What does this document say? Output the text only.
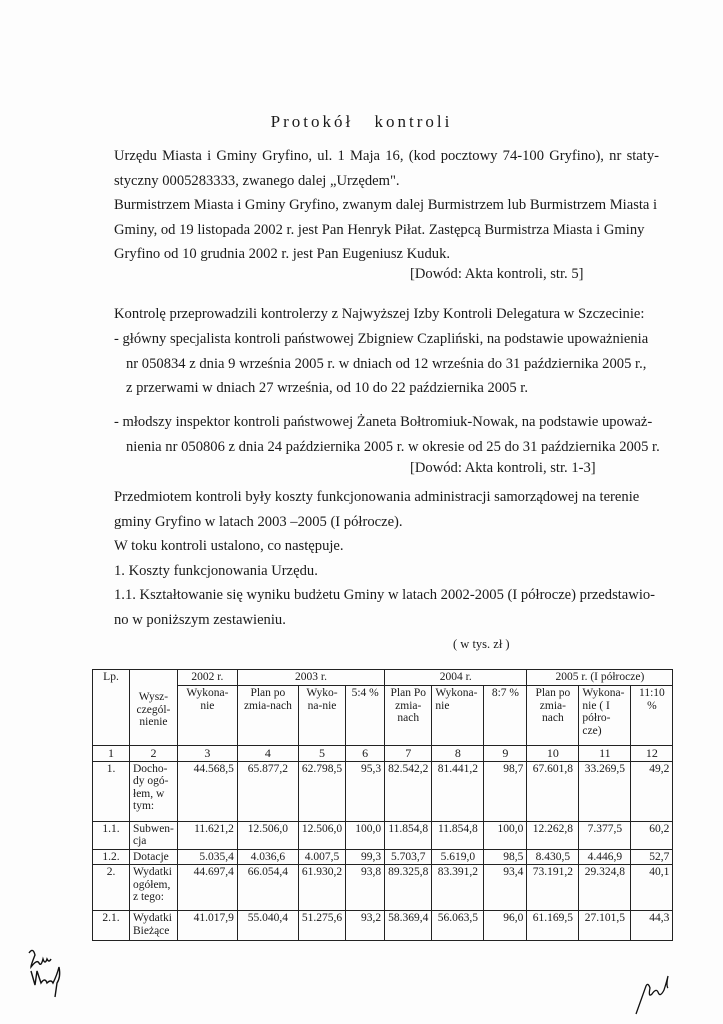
Protokół kontroli
Urzędu Miasta i Gminy Gryfino, ul. 1 Maja 16, (kod pocztowy 74-100 Gryfino), nr staty-
styczny 0005283333, zwanego dalej „Urzędem".
Burmistrzem Miasta i Gminy Gryfino, zwanym dalej Burmistrzem lub Burmistrzem Miasta i
Gminy, od 19 listopada 2002 r. jest Pan Henryk Piłat. Zastępcą Burmistrza Miasta i Gminy
Gryfino od 10 grudnia 2002 r. jest Pan Eugeniusz Kuduk.
[Dowód: Akta kontroli, str. 5]
Kontrolę przeprowadzili kontrolerzy z Najwyższej Izby Kontroli Delegatura w Szczecinie:
- główny specjalista kontroli państwowej Zbigniew Czapliński, na podstawie upoważnienia
nr 050834 z dnia 9 września 2005 r. w dniach od 12 września do 31 października 2005 r.,
z przerwami w dniach 27 września, od 10 do 22 października 2005 r.
- młodszy inspektor kontroli państwowej Żaneta Bołtromiuk-Nowak, na podstawie upoważ-
nienia nr 050806 z dnia 24 października 2005 r. w okresie od 25 do 31 października 2005 r.
[Dowód: Akta kontroli, str. 1-3]
Przedmiotem kontroli były koszty funkcjonowania administracji samorządowej na terenie
gminy Gryfino w latach 2003 –2005 (I półrocze).
W toku kontroli ustalono, co następuje.
1. Koszty funkcjonowania Urzędu.
1.1. Kształtowanie się wyniku budżetu Gminy w latach 2002-2005 (I półrocze) przedstawio-
no w poniższym zestawieniu.
( w tys. zł )
Lp.	Wysz-czegól-nienie	2002 r.	2003 r.			2004 r.			2005 r. (I półrocze)		
		Wykona-nie	Plan po zmia-nach	Wyko-na-nie	5:4 %	Plan Po zmia-nach	Wykona-nie	8:7 %	Plan po zmia-nach	Wykona-nie ( I półro-cze)	11:10 %
1	2	3	4	5	6	7	8	9	10	11	12
1.	Docho-dy ogó-łem, w tym:	44.568,5	65.877,2	62.798,5	95,3	82.542,2	81.441,2	98,7	67.601,8	33.269,5	49,2
1.1.	Subwen-cja	11.621,2	12.506,0	12.506,0	100,0	11.854,8	11.854,8	100,0	12.262,8	7.377,5	60,2
1.2.	Dotacje	5.035,4	4.036,6	4.007,5	99,3	5.703,7	5.619,0	98,5	8.430,5	4.446,9	52,7
2.	Wydatki ogółem, z tego:	44.697,4	66.054,4	61.930,2	93,8	89.325,8	83.391,2	93,4	73.191,2	29.324,8	40,1
2.1.	Wydatki Bieżące	41.017,9	55.040,4	51.275,6	93,2	58.369,4	56.063,5	96,0	61.169,5	27.101,5	44,3
